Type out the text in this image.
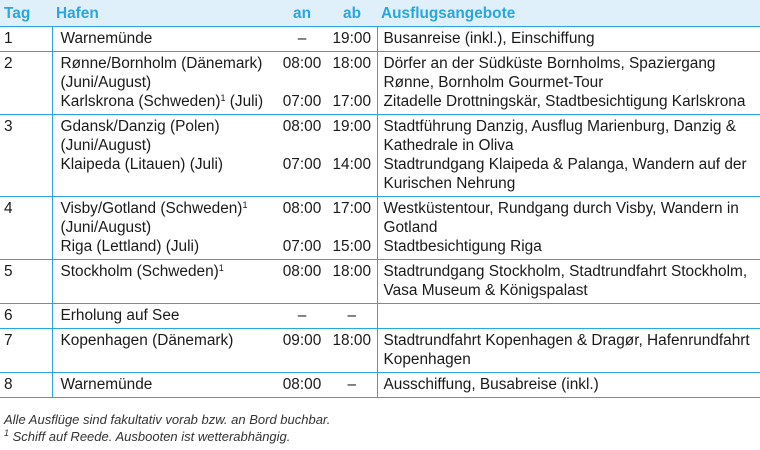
Tag	Hafen	an	ab	Ausflugsangebote
1	Warnemünde	–	19:00	Busanreise (inkl.), Einschiffung
2	Rønne/Bornholm (Dänemark) (Juni/August)	08:00	18:00	Dörfer an der Südküste Bornholms, Spaziergang Rønne, Bornholm Gourmet-Tour
	Karlskrona (Schweden)$^1$ (Juli)	07:00	17:00	Zitadelle Drottningskär, Stadtbesichtigung Karlskrona
3	Gdansk/Danzig (Polen) (Juni/August)	08:00	19:00	Stadtführung Danzig, Ausflug Marienburg, Danzig & Kathedrale in Oliva
	Klaipeda (Litauen) (Juli)	07:00	14:00	Stadtrundgang Klaipeda & Palanga, Wandern auf der Kurischen Nehrung
4	Visby/Gotland (Schweden)$^1$ (Juni/August)	08:00	17:00	Westküstentour, Rundgang durch Visby, Wandern in Gotland
	Riga (Lettland) (Juli)	07:00	15:00	Stadtbesichtigung Riga
5	Stockholm (Schweden)$^1$	08:00	18:00	Stadtrundgang Stockholm, Stadtrundfahrt Stockholm, Vasa Museum & Königspalast
6	Erholung auf See	–	–	
7	Kopenhagen (Dänemark)	09:00	18:00	Stadtrundfahrt Kopenhagen & Dragør, Hafenrundfahrt Kopenhagen
8	Warnemünde	08:00	–	Ausschiffung, Busabreise (inkl.)
Alle Ausflüge sind fakultativ vorab bzw. an Bord buchbar.
$^1$ Schiff auf Reede. Ausbooten ist wetterabhängig.
